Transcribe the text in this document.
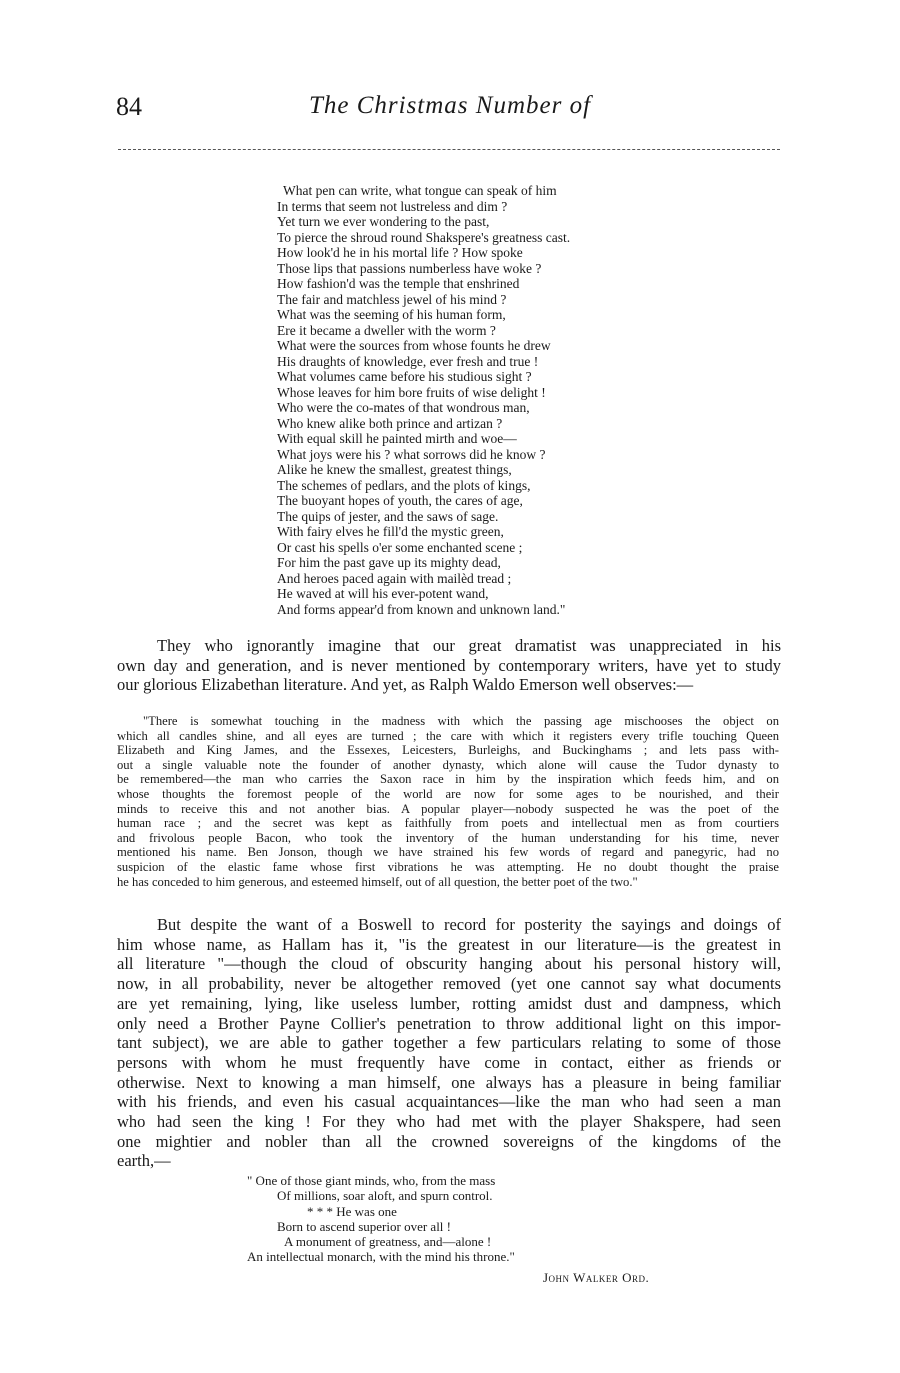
84	The Christmas Number of
What pen can write, what tongue can speak of him
In terms that seem not lustreless and dim ?
Yet turn we ever wondering to the past,
To pierce the shroud round Shakspere's greatness cast.
How look'd he in his mortal life ? How spoke
Those lips that passions numberless have woke ?
How fashion'd was the temple that enshrined
The fair and matchless jewel of his mind ?
What was the seeming of his human form,
Ere it became a dweller with the worm ?
What were the sources from whose founts he drew
His draughts of knowledge, ever fresh and true !
What volumes came before his studious sight ?
Whose leaves for him bore fruits of wise delight !
Who were the co-mates of that wondrous man,
Who knew alike both prince and artizan ?
With equal skill he painted mirth and woe—
What joys were his ? what sorrows did he know ?
Alike he knew the smallest, greatest things,
The schemes of pedlars, and the plots of kings,
The buoyant hopes of youth, the cares of age,
The quips of jester, and the saws of sage.
With fairy elves he fill'd the mystic green,
Or cast his spells o'er some enchanted scene ;
For him the past gave up its mighty dead,
And heroes paced again with mailèd tread ;
He waved at will his ever-potent wand,
And forms appear'd from known and unknown land."
They who ignorantly imagine that our great dramatist was unappreciated in his
own day and generation, and is never mentioned by contemporary writers, have yet to study
our glorious Elizabethan literature. And yet, as Ralph Waldo Emerson well observes:—
"There is somewhat touching in the madness with which the passing age mischooses the object on
which all candles shine, and all eyes are turned ; the care with which it registers every trifle touching Queen
Elizabeth and King James, and the Essexes, Leicesters, Burleighs, and Buckinghams ; and lets pass with-
out a single valuable note the founder of another dynasty, which alone will cause the Tudor dynasty to
be remembered—the man who carries the Saxon race in him by the inspiration which feeds him, and on
whose thoughts the foremost people of the world are now for some ages to be nourished, and their
minds to receive this and not another bias. A popular player—nobody suspected he was the poet of the
human race ; and the secret was kept as faithfully from poets and intellectual men as from courtiers
and frivolous people Bacon, who took the inventory of the human understanding for his time, never
mentioned his name. Ben Jonson, though we have strained his few words of regard and panegyric, had no
suspicion of the elastic fame whose first vibrations he was attempting. He no doubt thought the praise
he has conceded to him generous, and esteemed himself, out of all question, the better poet of the two."
But despite the want of a Boswell to record for posterity the sayings and doings of
him whose name, as Hallam has it, "is the greatest in our literature—is the greatest in
all literature "—though the cloud of obscurity hanging about his personal history will,
now, in all probability, never be altogether removed (yet one cannot say what documents
are yet remaining, lying, like useless lumber, rotting amidst dust and dampness, which
only need a Brother Payne Collier's penetration to throw additional light on this impor-
tant subject), we are able to gather together a few particulars relating to some of those
persons with whom he must frequently have come in contact, either as friends or
otherwise. Next to knowing a man himself, one always has a pleasure in being familiar
with his friends, and even his casual acquaintances—like the man who had seen a man
who had seen the king ! For they who had met with the player Shakspere, had seen
one mightier and nobler than all the crowned sovereigns of the kingdoms of the
earth,—
" One of those giant minds, who, from the mass
Of millions, soar aloft, and spurn control.
* * * He was one
Born to ascend superior over all !
A monument of greatness, and—alone !
An intellectual monarch, with the mind his throne."
John Walker Ord.
